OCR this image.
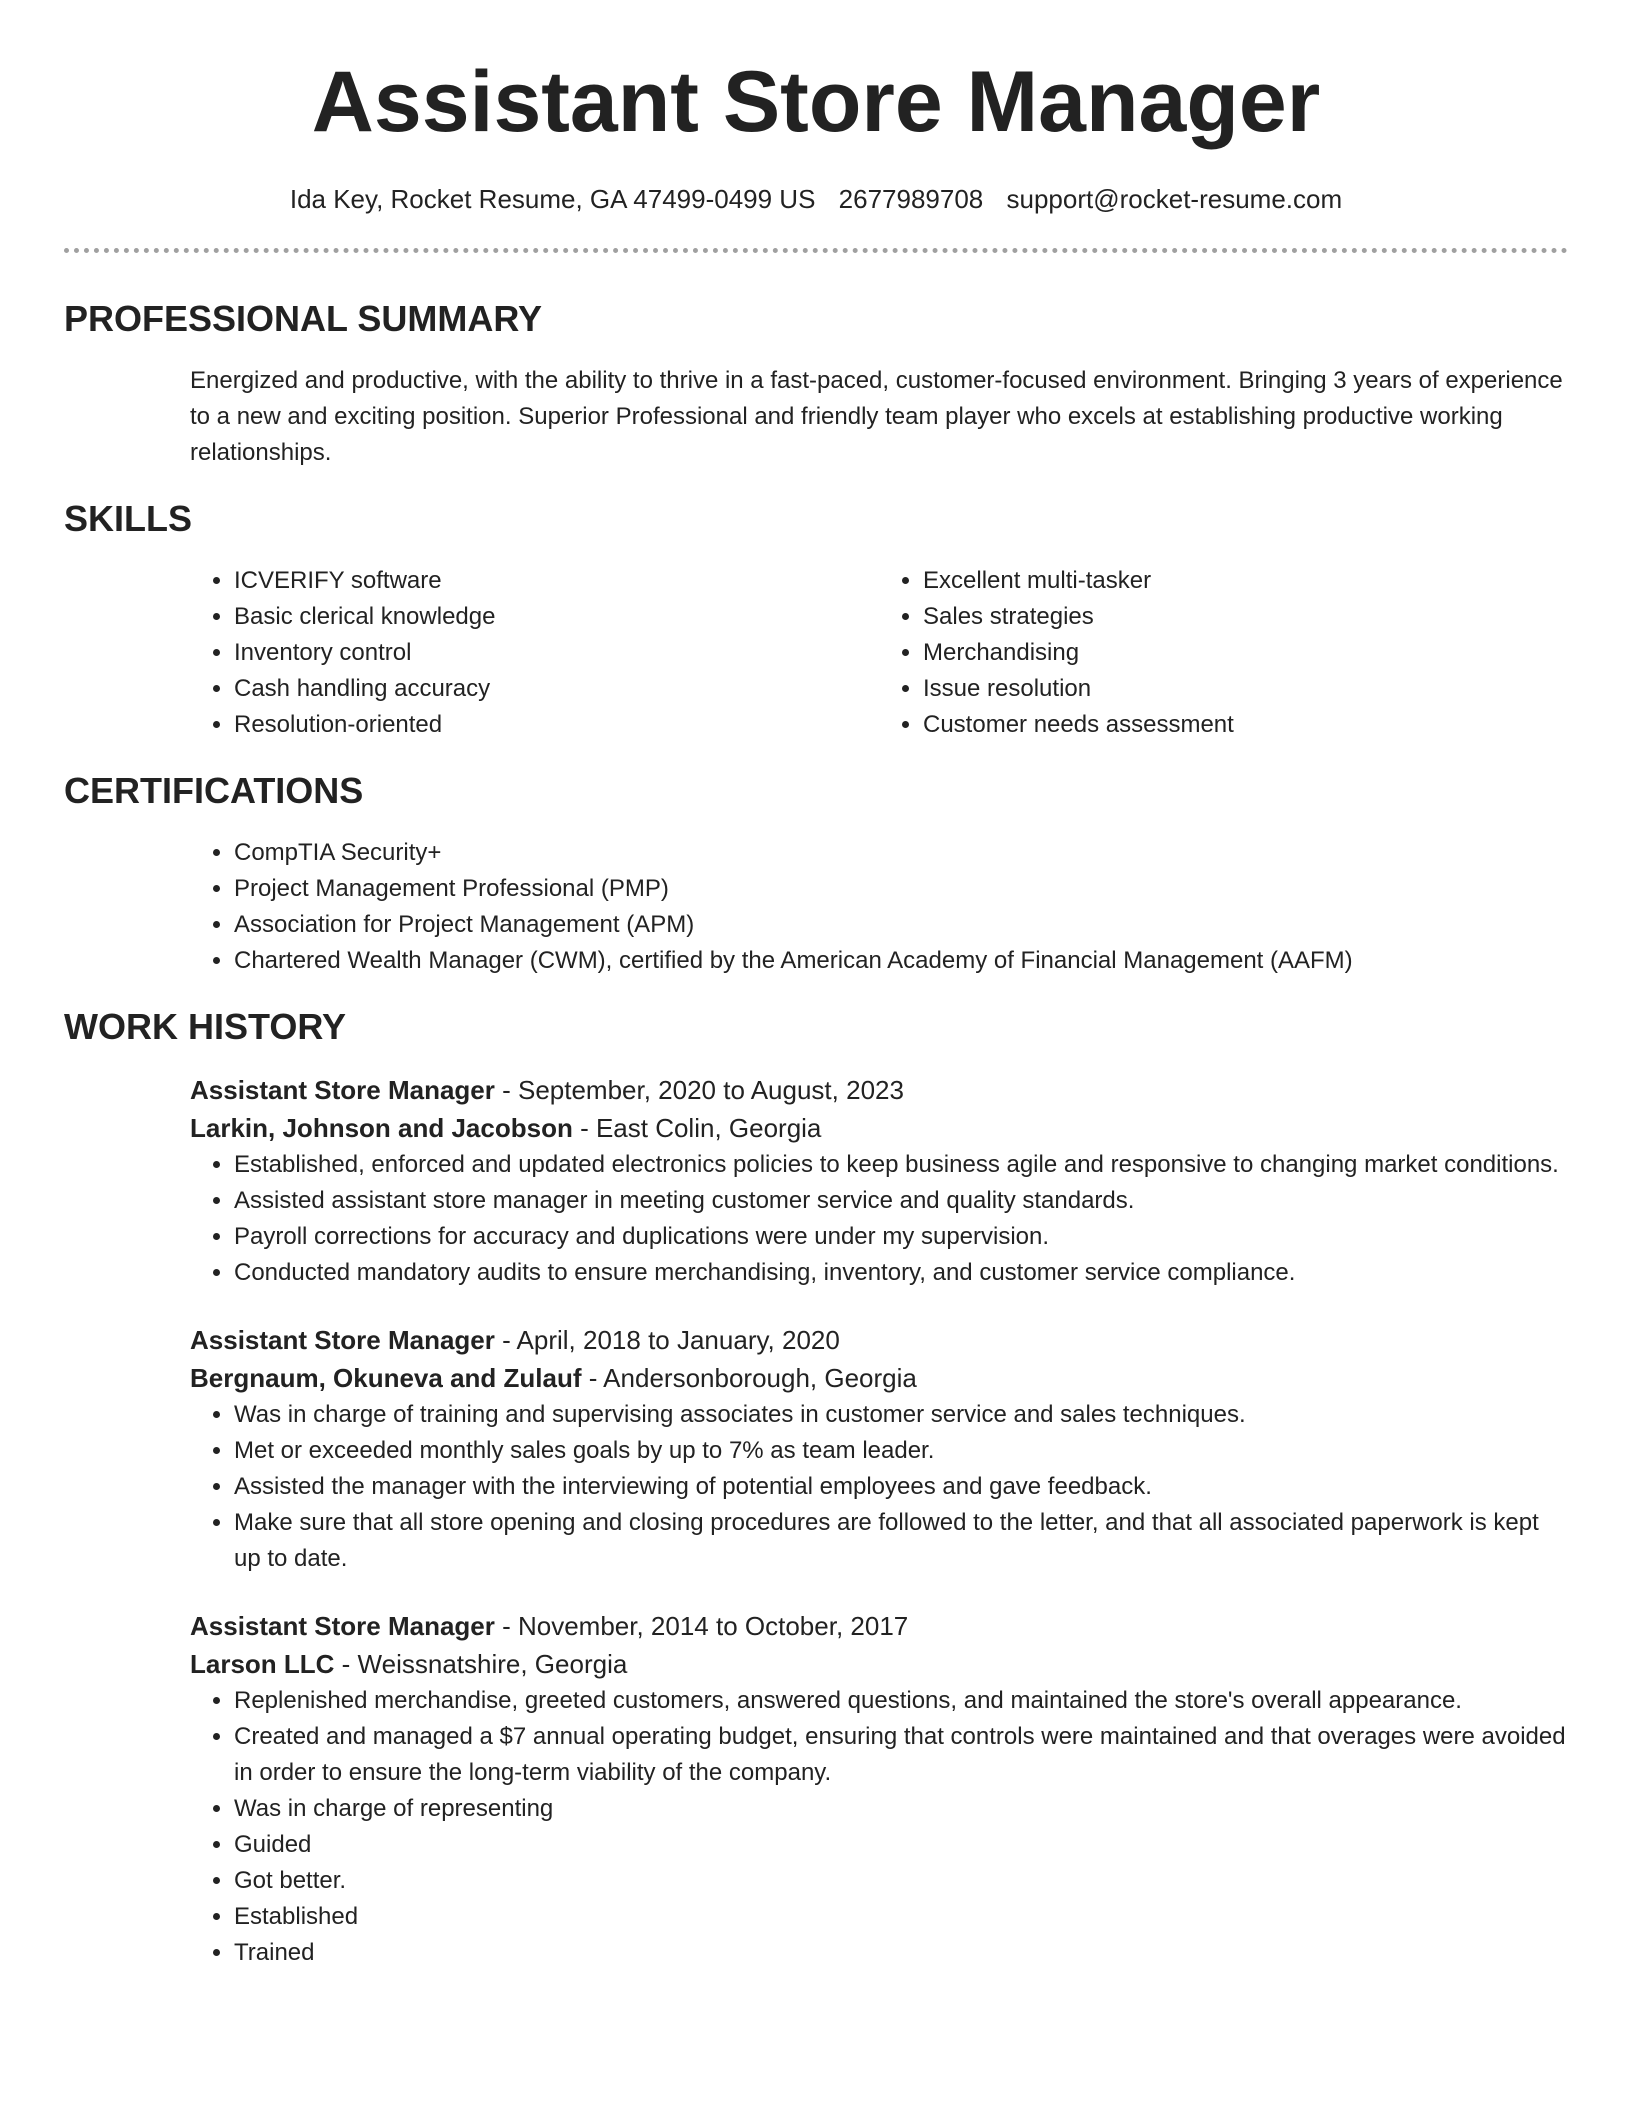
Assistant Store Manager
Ida Key, Rocket Resume, GA 47499-0499 US 2677989708 support@rocket-resume.com
PROFESSIONAL SUMMARY

Energized and productive, with the ability to thrive in a fast-paced, customer-focused environment. Bringing 3 years of experience to a new and exciting position. Superior Professional and friendly team player who excels at establishing productive working relationships.

SKILLS
• ICVERIFY software
• Basic clerical knowledge
• Inventory control
• Cash handling accuracy
• Resolution-oriented
• Excellent multi-tasker
• Sales strategies
• Merchandising
• Issue resolution
• Customer needs assessment
CERTIFICATIONS
• CompTIA Security+
• Project Management Professional (PMP)
• Association for Project Management (APM)
• Chartered Wealth Manager (CWM), certified by the American Academy of Financial Management (AAFM)
WORK HISTORY
Assistant Store Manager - September, 2020 to August, 2023
Larkin, Johnson and Jacobson - East Colin, Georgia
• Established, enforced and updated electronics policies to keep business agile and responsive to changing market conditions.
• Assisted assistant store manager in meeting customer service and quality standards.
• Payroll corrections for accuracy and duplications were under my supervision.
• Conducted mandatory audits to ensure merchandising, inventory, and customer service compliance.
Assistant Store Manager - April, 2018 to January, 2020
Bergnaum, Okuneva and Zulauf - Andersonborough, Georgia
• Was in charge of training and supervising associates in customer service and sales techniques.
• Met or exceeded monthly sales goals by up to 7% as team leader.
• Assisted the manager with the interviewing of potential employees and gave feedback.
• Make sure that all store opening and closing procedures are followed to the letter, and that all associated paperwork is kept up to date.
Assistant Store Manager - November, 2014 to October, 2017
Larson LLC - Weissnatshire, Georgia
• Replenished merchandise, greeted customers, answered questions, and maintained the store's overall appearance.
• Created and managed a $7 annual operating budget, ensuring that controls were maintained and that overages were avoided in order to ensure the long-term viability of the company.
• Was in charge of representing
• Guided
• Got better.
• Established
• Trained
